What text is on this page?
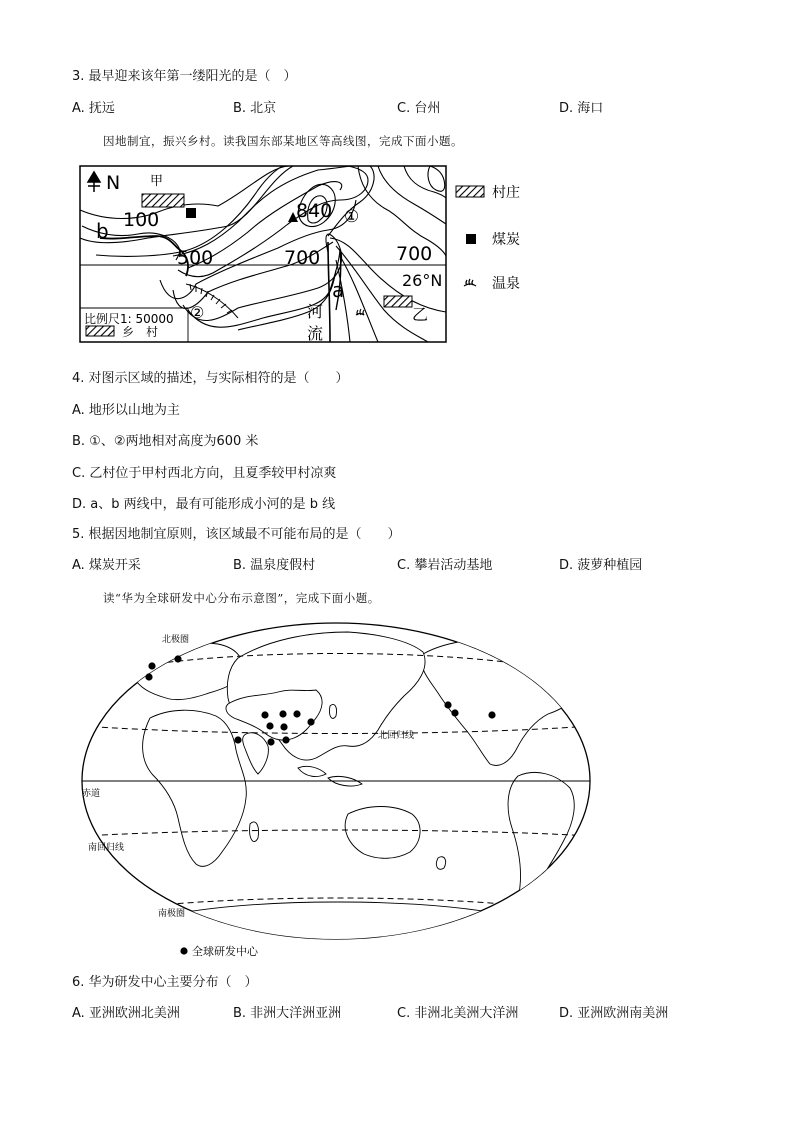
3. 最早迎来该年第一缕阳光的是（　）
A. 抚远	B. 北京	C. 台州	D. 海口
因地制宜，振兴乡村。读我国东部某地区等高线图，完成下面小题。
N 甲
100
b
500	700
840 ①
700
26°N
a
②	河
流
乙
比例尺1: 50000
乡　村
村庄
煤炭
温泉
4. 对图示区域的描述，与实际相符的是（　　）
A. 地形以山地为主
B. ①、②两地相对高度为600 米
C. 乙村位于甲村西北方向，且夏季较甲村凉爽
D. a、b 两线中，最有可能形成小河的是 b 线
5. 根据因地制宜原则，该区域最不可能布局的是（　　）
A. 煤炭开采	B. 温泉度假村	C. 攀岩活动基地	D. 菠萝种植园
读“华为全球研发中心分布示意图”，完成下面小题。
北极圈
北回归线
赤道
南回归线
南极圈
全球研发中心
6. 华为研发中心主要分布（　）
A. 亚洲欧洲北美洲	B. 非洲大洋洲亚洲	C. 非洲北美洲大洋洲	D. 亚洲欧洲南美洲
